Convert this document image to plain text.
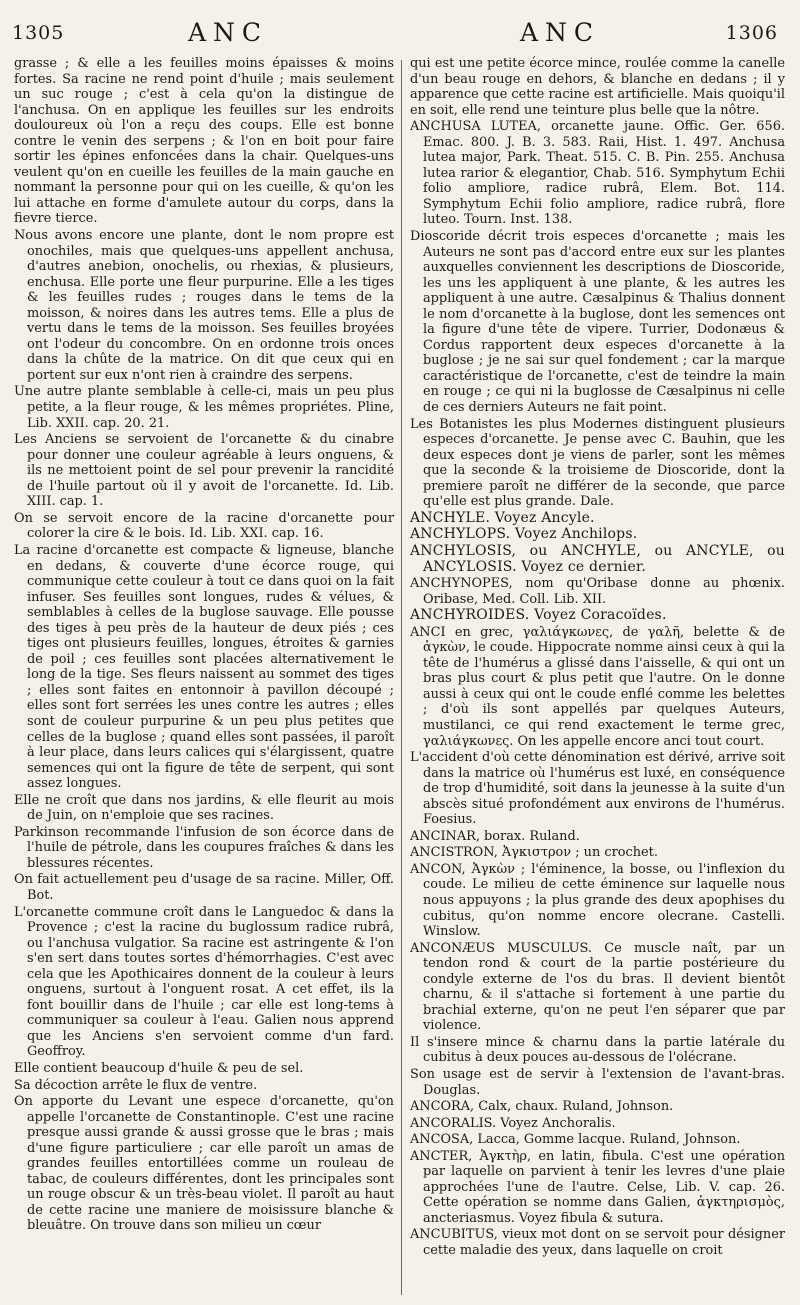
1305	ANC	ANC	1306

grasse ; & elle a les feuilles moins épaisses & moins fortes. Sa racine ne rend point d'huile ; mais seulement un suc rouge ; c'est à cela qu'on la distingue de l'anchusa. On en applique les feuilles sur les endroits douloureux où l'on a reçu des coups. Elle est bonne contre le venin des serpens ; & l'on en boit pour faire sortir les épines enfoncées dans la chair. Quelques-uns veulent qu'on en cueille les feuilles de la main gauche en nommant la personne pour qui on les cueille, & qu'on les lui attache en forme d'amulete autour du corps, dans la fievre tierce.

Nous avons encore une plante, dont le nom propre est onochiles, mais que quelques-uns appellent anchusa, d'autres anebion, onochelis, ou rhexias, & plusieurs, enchusa. Elle porte une fleur purpurine. Elle a les tiges & les feuilles rudes ; rouges dans le tems de la moisson, & noires dans les autres tems. Elle a plus de vertu dans le tems de la moisson. Ses feuilles broyées ont l'odeur du concombre. On en ordonne trois onces dans la chûte de la matrice. On dit que ceux qui en portent sur eux n'ont rien à craindre des serpens.

Une autre plante semblable à celle-ci, mais un peu plus petite, a la fleur rouge, & les mêmes propriétes. Pline, Lib. XXII. cap. 20. 21.

Les Anciens se servoient de l'orcanette & du cinabre pour donner une couleur agréable à leurs onguens, & ils ne mettoient point de sel pour prevenir la rancidité de l'huile partout où il y avoit de l'orcanette. Id. Lib. XIII. cap. 1.

On se servoit encore de la racine d'orcanette pour colorer la cire & le bois. Id. Lib. XXI. cap. 16.

La racine d'orcanette est compacte & ligneuse, blanche en dedans, & couverte d'une écorce rouge, qui communique cette couleur à tout ce dans quoi on la fait infuser. Ses feuilles sont longues, rudes & vélues, & semblables à celles de la buglose sauvage. Elle pousse des tiges à peu près de la hauteur de deux piés ; ces tiges ont plusieurs feuilles, longues, étroites & garnies de poil ; ces feuilles sont placées alternativement le long de la tige. Ses fleurs naissent au sommet des tiges ; elles sont faites en entonnoir à pavillon découpé ; elles sont fort serrées les unes contre les autres ; elles sont de couleur purpurine & un peu plus petites que celles de la buglose ; quand elles sont passées, il paroît à leur place, dans leurs calices qui s'élargissent, quatre semences qui ont la figure de tête de serpent, qui sont assez longues.

Elle ne croît que dans nos jardins, & elle fleurit au mois de Juin, on n'emploie que ses racines.

Parkinson recommande l'infusion de son écorce dans de l'huile de pétrole, dans les coupures fraîches & dans les blessures récentes.

On fait actuellement peu d'usage de sa racine. Miller, Off. Bot.

L'orcanette commune croît dans le Languedoc & dans la Provence ; c'est la racine du buglossum radice rubrâ, ou l'anchusa vulgatior. Sa racine est astringente & l'on s'en sert dans toutes sortes d'hémorrhagies. C'est avec cela que les Apothicaires donnent de la couleur à leurs onguens, surtout à l'onguent rosat. A cet effet, ils la font bouillir dans de l'huile ; car elle est long-tems à communiquer sa couleur à l'eau. Galien nous apprend que les Anciens s'en servoient comme d'un fard. Geoffroy.

Elle contient beaucoup d'huile & peu de sel.

Sa décoction arrête le flux de ventre.

On apporte du Levant une espece d'orcanette, qu'on appelle l'orcanette de Constantinople. C'est une racine presque aussi grande & aussi grosse que le bras ; mais d'une figure particuliere ; car elle paroît un amas de grandes feuilles entortillées comme un rouleau de tabac, de couleurs différentes, dont les principales sont un rouge obscur & un très-beau violet. Il paroît au haut de cette racine une maniere de moisissure blanche & bleuâtre. On trouve dans son milieu un cœur

qui est une petite écorce mince, roulée comme la canelle d'un beau rouge en dehors, & blanche en dedans ; il y apparence que cette racine est artificielle. Mais quoiqu'il en soit, elle rend une teinture plus belle que la nôtre.

ANCHUSA LUTEA, orcanette jaune. Offic. Ger. 656. Emac. 800. J. B. 3. 583. Raii, Hist. 1. 497. Anchusa lutea major, Park. Theat. 515. C. B. Pin. 255. Anchusa lutea rarior & elegantior, Chab. 516. Symphytum Echii folio ampliore, radice rubrâ, Elem. Bot. 114. Symphytum Echii folio ampliore, radice rubrâ, flore luteo. Tourn. Inst. 138.

Dioscoride décrit trois especes d'orcanette ; mais les Auteurs ne sont pas d'accord entre eux sur les plantes auxquelles conviennent les descriptions de Dioscoride, les uns les appliquent à une plante, & les autres les appliquent à une autre. Cæsalpinus & Thalius donnent le nom d'orcanette à la buglose, dont les semences ont la figure d'une tête de vipere. Turrier, Dodonæus & Cordus rapportent deux especes d'orcanette à la buglose ; je ne sai sur quel fondement ; car la marque caractéristique de l'orcanette, c'est de teindre la main en rouge ; ce qui ni la buglosse de Cæsalpinus ni celle de ces derniers Auteurs ne fait point.

Les Botanistes les plus Modernes distinguent plusieurs especes d'orcanette. Je pense avec C. Bauhin, que les deux especes dont je viens de parler, sont les mêmes que la seconde & la troisieme de Dioscoride, dont la premiere paroît ne différer de la seconde, que parce qu'elle est plus grande. Dale.

ANCHYLE. Voyez Ancyle.

ANCHYLOPS. Voyez Anchilops.

ANCHYLOSIS, ou ANCHYLE, ou ANCYLE, ou ANCYLOSIS. Voyez ce dernier.

ANCHYNOPES, nom qu'Oribase donne au phœnix. Oribase, Med. Coll. Lib. XII.

ANCHYROIDES. Voyez Coracoïdes.

ANCI en grec, γαλιάγκωνες, de γαλῆ, belette & de ἀγκὼν, le coude. Hippocrate nomme ainsi ceux à qui la tête de l'humérus a glissé dans l'aisselle, & qui ont un bras plus court & plus petit que l'autre. On le donne aussi à ceux qui ont le coude enflé comme les belettes ; d'où ils sont appellés par quelques Auteurs, mustilanci, ce qui rend exactement le terme grec, γαλιάγκωνες. On les appelle encore anci tout court.

L'accident d'où cette dénomination est dérivé, arrive soit dans la matrice où l'humérus est luxé, en conséquence de trop d'humidité, soit dans la jeunesse à la suite d'un abscès situé profondément aux environs de l'humérus. Foesius.

ANCINAR, borax. Ruland.

ANCISTRON, Ἀγκιστρον ; un crochet.

ANCON, Ἀγκὼν ; l'éminence, la bosse, ou l'inflexion du coude. Le milieu de cette éminence sur laquelle nous nous appuyons ; la plus grande des deux apophises du cubitus, qu'on nomme encore olecrane. Castelli. Winslow.

ANCONÆUS MUSCULUS. Ce muscle naît, par un tendon rond & court de la partie postérieure du condyle externe de l'os du bras. Il devient bientôt charnu, & il s'attache si fortement à une partie du brachial externe, qu'on ne peut l'en séparer que par violence.

Il s'insere mince & charnu dans la partie latérale du cubitus à deux pouces au-dessous de l'olécrane.

Son usage est de servir à l'extension de l'avant-bras. Douglas.

ANCORA, Calx, chaux. Ruland, Johnson.

ANCORALIS. Voyez Anchoralis.

ANCOSA, Lacca, Gomme lacque. Ruland, Johnson.

ANCTER, Ἀγκτὴρ, en latin, fibula. C'est une opération par laquelle on parvient à tenir les levres d'une plaie approchées l'une de l'autre. Celse, Lib. V. cap. 26. Cette opération se nomme dans Galien, ἀγκτηρισμὸς, ancteriasmus. Voyez fibula & sutura.

ANCUBITUS, vieux mot dont on se servoit pour désigner cette maladie des yeux, dans laquelle on croit
